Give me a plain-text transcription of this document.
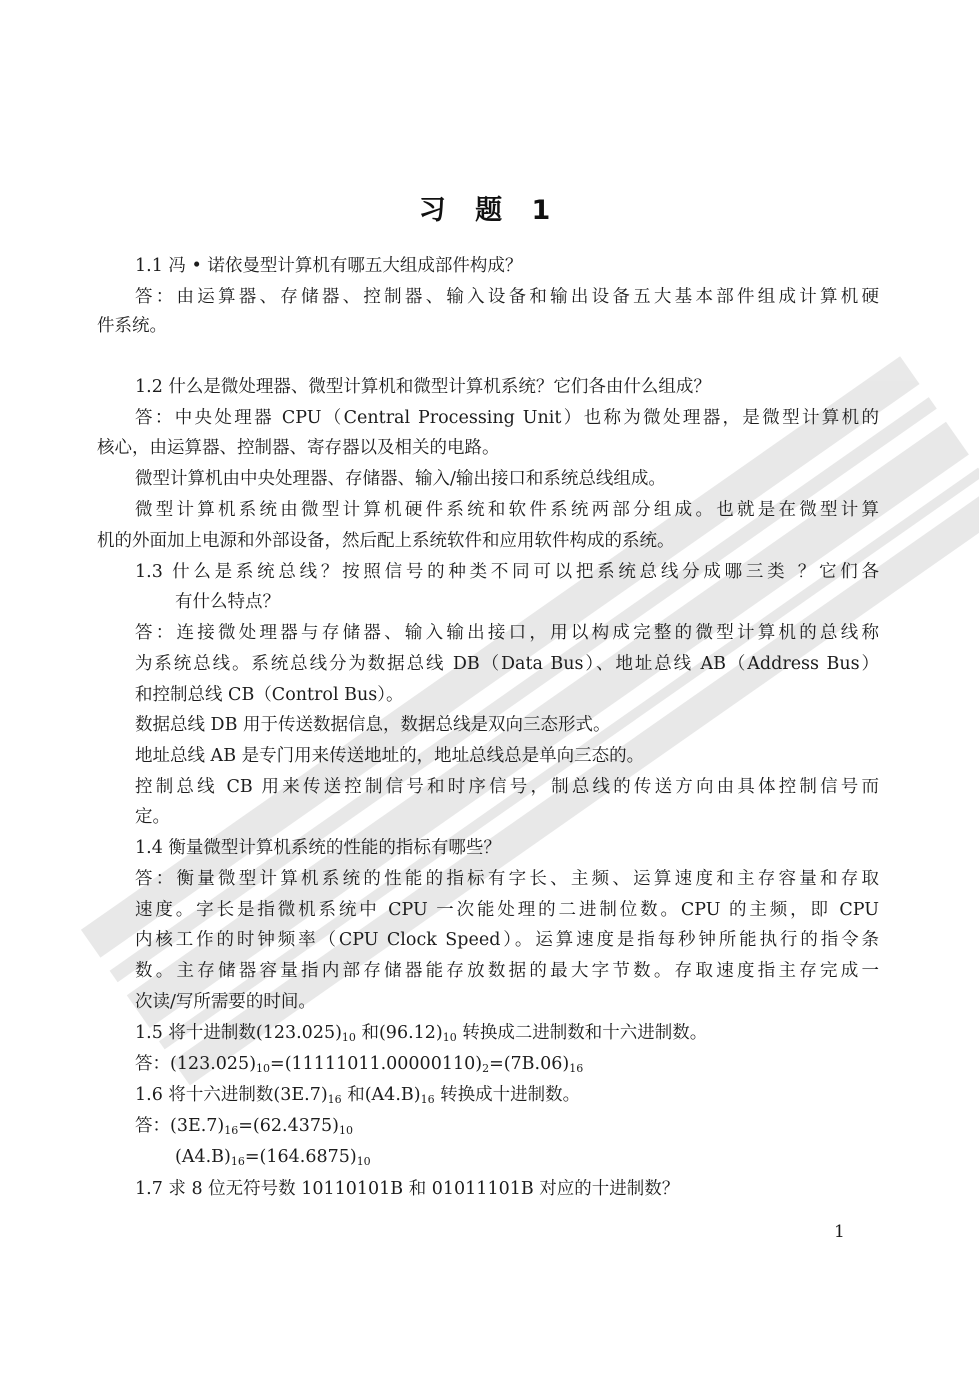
习 题 1
1.1 冯 • 诺依曼型计算机有哪五大组成部件构成？
答：由运算器、存储器、控制器、输入设备和输出设备五大基本部件组成计算机硬
件系统。
1.2 什么是微处理器、微型计算机和微型计算机系统？它们各由什么组成？
答：中央处理器 CPU（Central Processing Unit）也称为微处理器，是微型计算机的
核心，由运算器、控制器、寄存器以及相关的电路。
微型计算机由中央处理器、存储器、输入/输出接口和系统总线组成。
微型计算机系统由微型计算机硬件系统和软件系统两部分组成。也就是在微型计算
机的外面加上电源和外部设备，然后配上系统软件和应用软件构成的系统。
1.3 什么是系统总线？按照信号的种类不同可以把系统总线分成哪三类 ？它们各
有什么特点？
答：连接微处理器与存储器、输入输出接口，用以构成完整的微型计算机的总线称
为系统总线。系统总线分为数据总线 DB（Data Bus）、地址总线 AB（Address Bus）
和控制总线 CB（Control Bus）。
数据总线 DB 用于传送数据信息，数据总线是双向三态形式。
地址总线 AB 是专门用来传送地址的，地址总线总是单向三态的。
控制总线 CB 用来传送控制信号和时序信号，制总线的传送方向由具体控制信号而
定。
1.4 衡量微型计算机系统的性能的指标有哪些？
答：衡量微型计算机系统的性能的指标有字长、主频、运算速度和主存容量和存取
速度。字长是指微机系统中 CPU 一次能处理的二进制位数。CPU 的主频，即 CPU
内核工作的时钟频率（CPU Clock Speed）。运算速度是指每秒钟所能执行的指令条
数。主存储器容量指内部存储器能存放数据的最大字节数。存取速度指主存完成一
次读/写所需要的时间。
1.5 将十进制数$(123.025)_{10}$ 和$(96.12)_{10}$ 转换成二进制数和十六进制数。
答：$(123.025)_{10}=(11111011.00000110)_2=(7B.06)_{16}$
1.6 将十六进制数$(3E.7)_{16}$ 和$(A4.B)_{16}$ 转换成十进制数。
答：$(3E.7)_{16}=(62.4375)_{10}$
$(A4.B)_{16}=(164.6875)_{10}$
1.7 求 8 位无符号数 10110101B 和 01011101B 对应的十进制数？
1
